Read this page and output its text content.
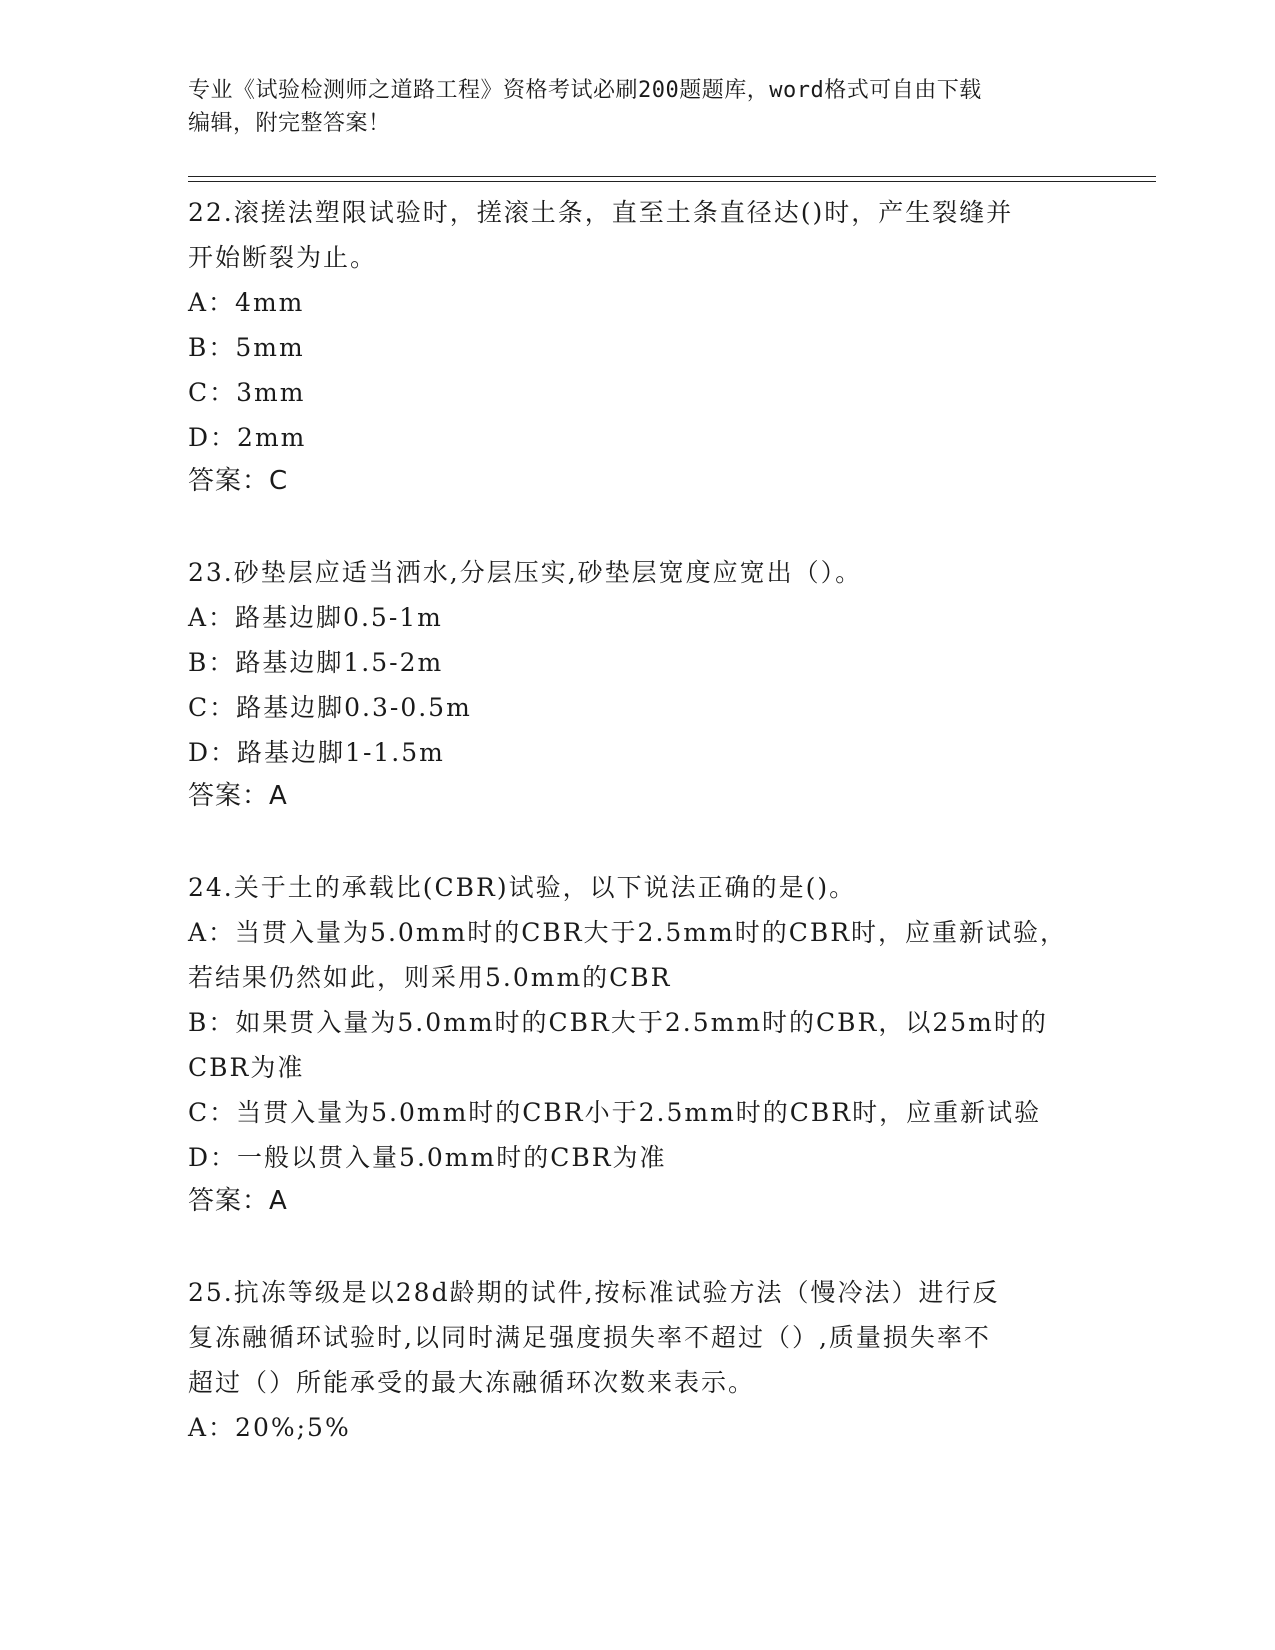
专业《试验检测师之道路工程》资格考试必刷200题题库，word格式可自由下载
编辑，附完整答案！

22.滚搓法塑限试验时，搓滚土条，直至土条直径达()时，产生裂缝并

开始断裂为止。

A：4mm

B：5mm

C：3mm

D：2mm

答案：C

23.砂垫层应适当洒水,分层压实,砂垫层宽度应宽出（）。

A：路基边脚0.5-1m

B：路基边脚1.5-2m

C：路基边脚0.3-0.5m

D：路基边脚1-1.5m

答案：A

24.关于土的承载比(CBR)试验，以下说法正确的是()。

A：当贯入量为5.0mm时的CBR大于2.5mm时的CBR时，应重新试验，

若结果仍然如此，则采用5.0mm的CBR

B：如果贯入量为5.0mm时的CBR大于2.5mm时的CBR，以25m时的

CBR为准

C：当贯入量为5.0mm时的CBR小于2.5mm时的CBR时，应重新试验

D：一般以贯入量5.0mm时的CBR为准

答案：A

25.抗冻等级是以28d龄期的试件,按标准试验方法（慢冷法）进行反

复冻融循环试验时,以同时满足强度损失率不超过（）,质量损失率不

超过（）所能承受的最大冻融循环次数来表示。

A：20%;5%
